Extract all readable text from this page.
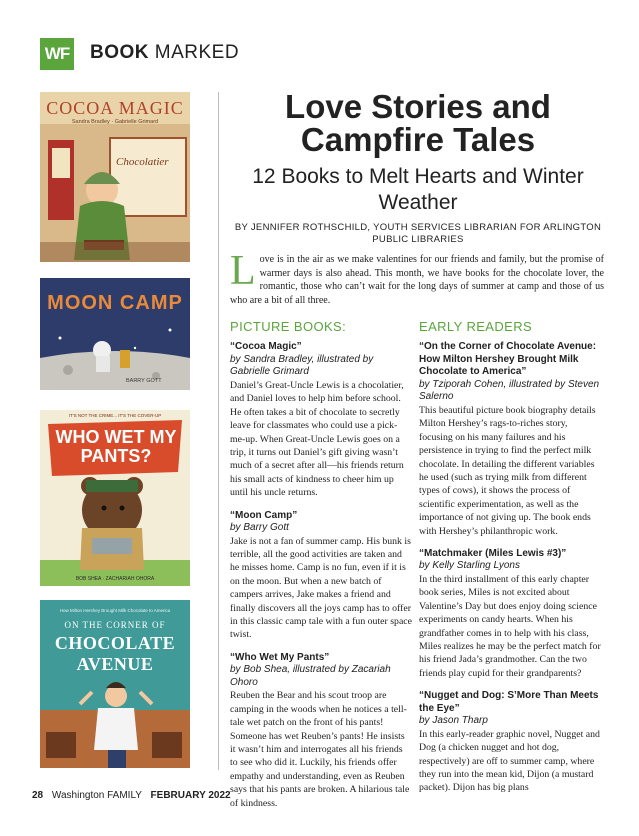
WF BOOK MARKED
COCOA MAGIC
Sandra Bradley · Gabrielle Grimard
Chocolatier
MOON CAMP
BARRY GOTT
IT'S NOT THE CRIME... IT'S THE COVER-UP
WHO WET MY PANTS?
BOB SHEA · ZACHARIAH OHORA
How Milton Hershey Brought Milk Chocolate to America
ON THE CORNER OF
CHOCOLATE AVENUE
Love Stories and
Campfire Tales
12 Books to Melt Hearts and Winter Weather
BY JENNIFER ROTHSCHILD, YOUTH SERVICES LIBRARIAN FOR ARLINGTON PUBLIC LIBRARIES
L ove is in the air as we make valentines for our friends and family, but the promise of warmer days is also ahead. This month, we have books for the chocolate lover, the romantic, those who can’t wait for the long days of summer at camp and those of us who are a bit of all three.
PICTURE BOOKS:
“Cocoa Magic”
by Sandra Bradley, illustrated by Gabrielle Grimard
Daniel’s Great-Uncle Lewis is a chocolatier, and Daniel loves to help him before school. He often takes a bit of chocolate to secretly leave for classmates who could use a pick-me-up. When Great-Uncle Lewis goes on a trip, it turns out Daniel’s gift giving wasn’t much of a secret after all—his friends return his small acts of kindness to cheer him up until his uncle returns.
“Moon Camp”
by Barry Gott
Jake is not a fan of summer camp. His bunk is terrible, all the good activities are taken and he misses home. Camp is no fun, even if it is on the moon. But when a new batch of campers arrives, Jake makes a friend and finally discovers all the joys camp has to offer in this classic camp tale with a fun outer space twist.
“Who Wet My Pants”
by Bob Shea, illustrated by Zacariah Ohoro
Reuben the Bear and his scout troop are camping in the woods when he notices a tell-tale wet patch on the front of his pants! Someone has wet Reuben’s pants! He insists it wasn’t him and interrogates all his friends to see who did it. Luckily, his friends offer empathy and understanding, even as Reuben says that his pants are broken. A hilarious tale of kindness.
EARLY READERS
“On the Corner of Chocolate Avenue: How Milton Hershey Brought Milk Chocolate to America”
by Tziporah Cohen, illustrated by Steven Salerno
This beautiful picture book biography details Milton Hershey’s rags-to-riches story, focusing on his many failures and his persistence in trying to find the perfect milk chocolate. In detailing the different variables he used (such as trying milk from different types of cows), it shows the process of scientific experimentation, as well as the importance of not giving up. The book ends with Hershey’s philanthropic work.
“Matchmaker (Miles Lewis #3)”
by Kelly Starling Lyons
In the third installment of this early chapter book series, Miles is not excited about Valentine’s Day but does enjoy doing science experiments on candy hearts. When his grandfather comes in to help with his class, Miles realizes he may be the perfect match for his friend Jada’s grandmother. Can the two friends play cupid for their grandparents?
“Nugget and Dog: S’More Than Meets the Eye”
by Jason Tharp
In this early-reader graphic novel, Nugget and Dog (a chicken nugget and hot dog, respectively) are off to summer camp, where they run into the mean kid, Dijon (a mustard packet). Dijon has big plans
28 Washington FAMILY FEBRUARY 2022
